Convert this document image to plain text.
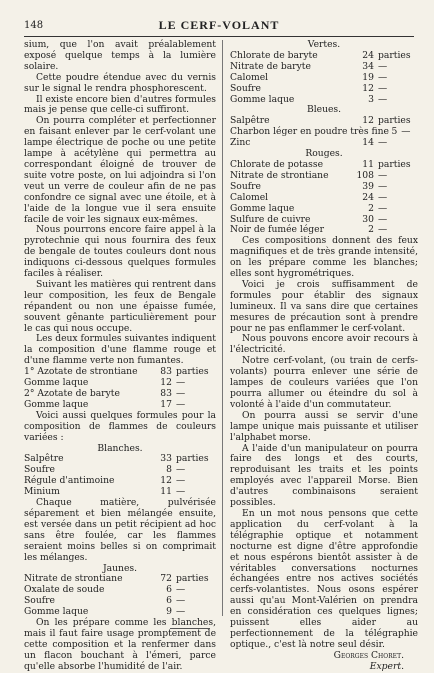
148	LE CERF-VOLANT

sium, que l'on avait préalablement exposé quelque temps à la lumière solaire.

Cette poudre étendue avec du vernis sur le signal le rendra phosphorescent.

Il existe encore bien d'autres formules mais je pense que celle-ci suffiront.

On pourra compléter et perfectionner en faisant enlever par le cerf-volant une lampe électrique de poche ou une petite lampe à acétylène qui permettra au correspondant éloigné de trouver de suite votre poste, on lui adjoindra si l'on veut un verre de couleur afin de ne pas confondre ce signal avec une étoile, et à l'aide de la longue vue il sera ensuite facile de voir les signaux eux-mêmes.

Nous pourrons encore faire appel à la pyrotechnie qui nous fournira des feux de bengale de toutes couleurs dont nous indiquons ci-dessous quelques formules faciles à réaliser.

Suivant les matières qui rentrent dans leur composition, les feux de Bengale répandent ou non une épaisse fumée, souvent gênante particulièrement pour le cas qui nous occupe.

Les deux formules suivantes indiquent la composition d'une flamme rouge et d'une flamme verte non fumantes.

1° Azotate de strontiane	83 parties
Gomme laque	12 —
2° Azotate de baryte	83 —
Gomme laque	17 —

Voici aussi quelques formules pour la composition de flammes de couleurs variées :

Blanches.

Salpêtre	33 parties
Soufre	8 —
Régule d'antimoine	12 —
Minium	11 —

Chaque matière, pulvérisée séparement et bien mélangée ensuite, est versée dans un petit récipient ad hoc sans être foulée, car les flammes seraient moins belles si on comprimait les mélanges.

Jaunes.

Nitrate de strontiane	72 parties
Oxalate de soude	6 —
Soufre	6 —
Gomme laque	9 —

On les prépare comme les blanches, mais il faut faire usage promptement de cette composition et la renfermer dans un flacon bouchant à l'émeri, parce qu'elle absorbe l'humidité de l'air.

Vertes.

Chlorate de baryte	24 parties
Nitrate de baryte	34 —
Calomel	19 —
Soufre	12 —
Gomme laque	3 —

Bleues.

Salpêtre	12 parties
Charbon léger en poudre très fine 5 —
Zinc	14 —

Rouges.

Chlorate de potasse	11 parties
Nitrate de strontiane	108 —
Soufre	39 —
Calomel	24 —
Gomme laque	2 —
Sulfure de cuivre	30 —
Noir de fumée léger	2 —

Ces compositions donnent des feux magnifiques et de très grande intensité, on les prépare comme les blanches; elles sont hygrométriques.

Voici je crois suffisamment de formules pour établir des signaux lumineux. Il va sans dire que certaines mesures de précaution sont à prendre pour ne pas enflammer le cerf-volant.

Nous pouvons encore avoir recours à l'électricité.

Notre cerf-volant, (ou train de cerfs-volants) pourra enlever une série de lampes de couleurs variées que l'on pourra allumer ou éteindre du sol à volonté à l'aide d'un commutateur.

On pourra aussi se servir d'une lampe unique mais puissante et utiliser l'alphabet morse.

A l'aide d'un manipulateur on pourra faire des longs et des courts, reproduisant les traits et les points employés avec l'appareil Morse. Bien d'autres combinaisons seraient possibles.

En un mot nous pensons que cette application du cerf-volant à la télégraphie optique et notamment nocturne est digne d'être approfondie et nous espérons bientôt assister à de véritables conversations nocturnes échangées entre nos actives sociétés cerfs-volantistes. Nous osons espérer aussi qu'au Mont-Valérien on prendra en considération ces quelques lignes; puissent elles aider au perfectionnement de la télégraphie optique., c'est là notre seul désir.

Georges Choret.
Expert.
